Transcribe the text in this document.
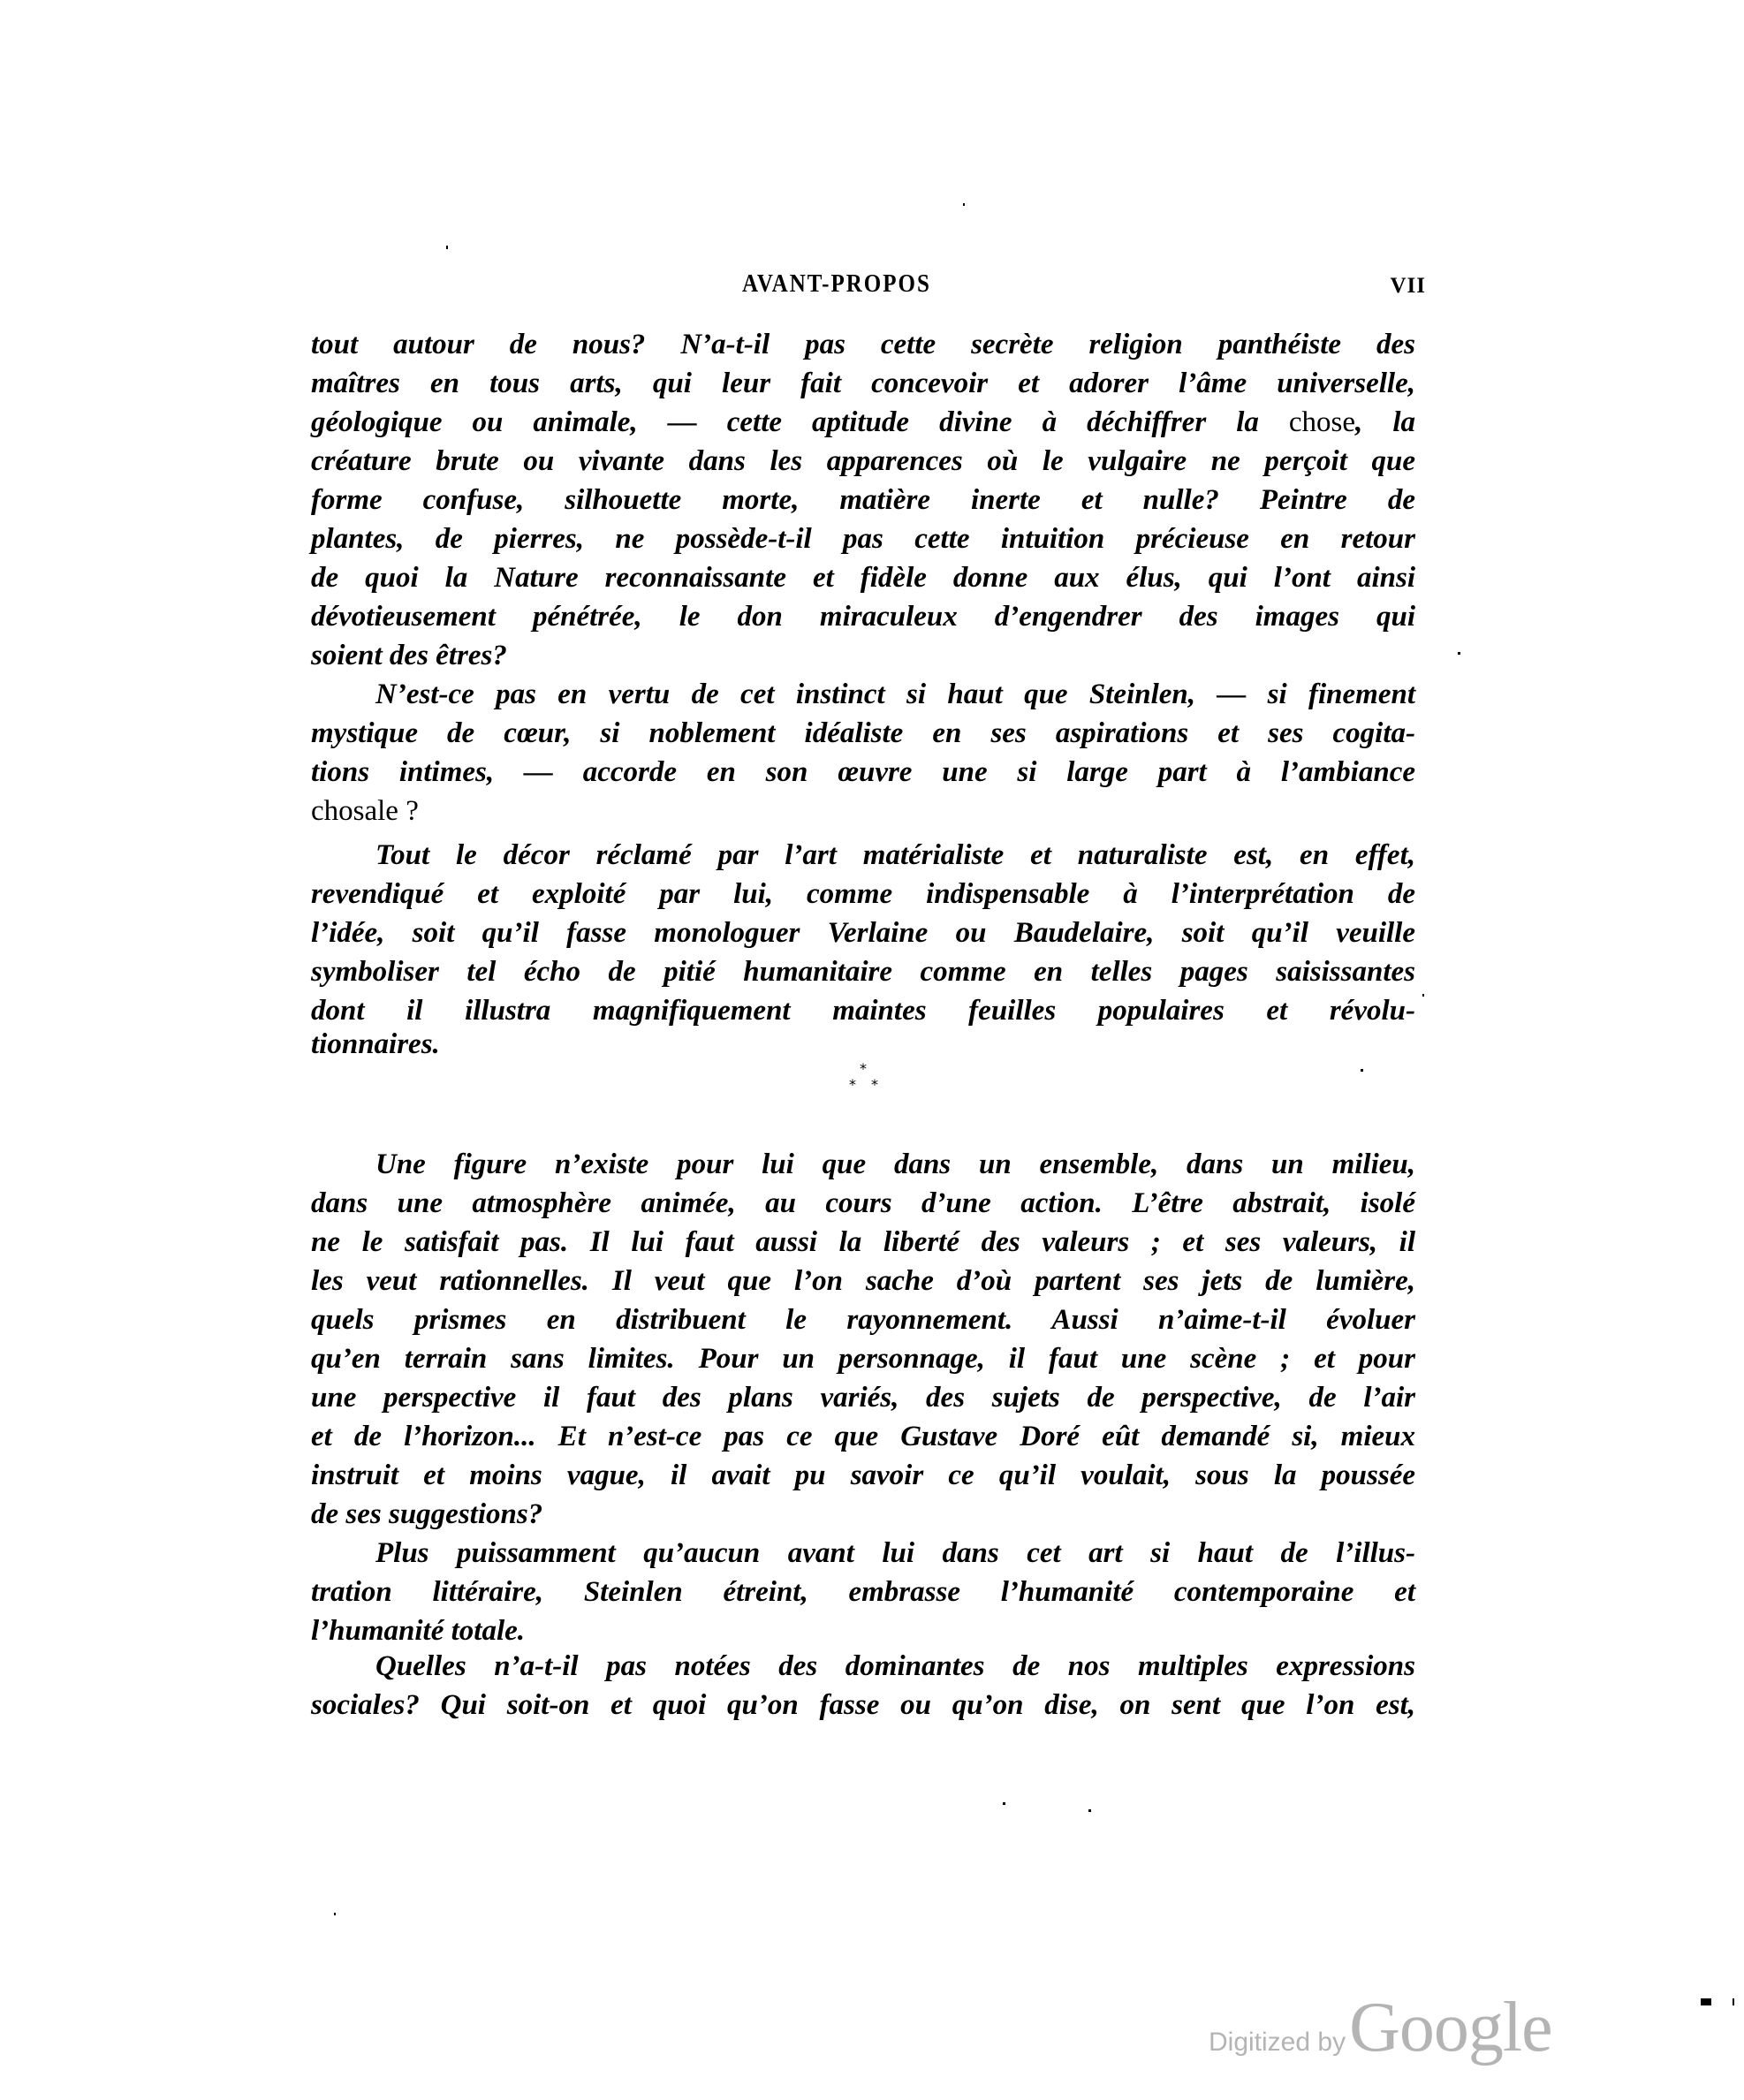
AVANT-PROPOS	VII
tout autour de nous? N’a-t-il pas cette secrète religion panthéiste des
maîtres en tous arts, qui leur fait concevoir et adorer l’âme universelle,
géologique ou animale, — cette aptitude divine à déchiffrer la chose, la
créature brute ou vivante dans les apparences où le vulgaire ne perçoit que
forme confuse, silhouette morte, matière inerte et nulle? Peintre de
plantes, de pierres, ne possède-t-il pas cette intuition précieuse en retour
de quoi la Nature reconnaissante et fidèle donne aux élus, qui l’ont ainsi
dévotieusement pénétrée, le don miraculeux d’engendrer des images qui
soient des êtres?
N’est-ce pas en vertu de cet instinct si haut que Steinlen, — si finement
mystique de cœur, si noblement idéaliste en ses aspirations et ses cogita-
tions intimes, — accorde en son œuvre une si large part à l’ambiance
chosale ?
Tout le décor réclamé par l’art matérialiste et naturaliste est, en effet,
revendiqué et exploité par lui, comme indispensable à l’interprétation de
l’idée, soit qu’il fasse monologuer Verlaine ou Baudelaire, soit qu’il veuille
symboliser tel écho de pitié humanitaire comme en telles pages saisissantes
dont il illustra magnifiquement maintes feuilles populaires et révolu-
tionnaires.
*
* *
Une figure n’existe pour lui que dans un ensemble, dans un milieu,
dans une atmosphère animée, au cours d’une action. L’être abstrait, isolé
ne le satisfait pas. Il lui faut aussi la liberté des valeurs ; et ses valeurs, il
les veut rationnelles. Il veut que l’on sache d’où partent ses jets de lumière,
quels prismes en distribuent le rayonnement. Aussi n’aime-t-il évoluer
qu’en terrain sans limites. Pour un personnage, il faut une scène ; et pour
une perspective il faut des plans variés, des sujets de perspective, de l’air
et de l’horizon... Et n’est-ce pas ce que Gustave Doré eût demandé si, mieux
instruit et moins vague, il avait pu savoir ce qu’il voulait, sous la poussée
de ses suggestions?
Plus puissamment qu’aucun avant lui dans cet art si haut de l’illus-
tration littéraire, Steinlen étreint, embrasse l’humanité contemporaine et
l’humanité totale.
Quelles n’a-t-il pas notées des dominantes de nos multiples expressions
sociales? Qui soit-on et quoi qu’on fasse ou qu’on dise, on sent que l’on est,
Digitized byGoogle
